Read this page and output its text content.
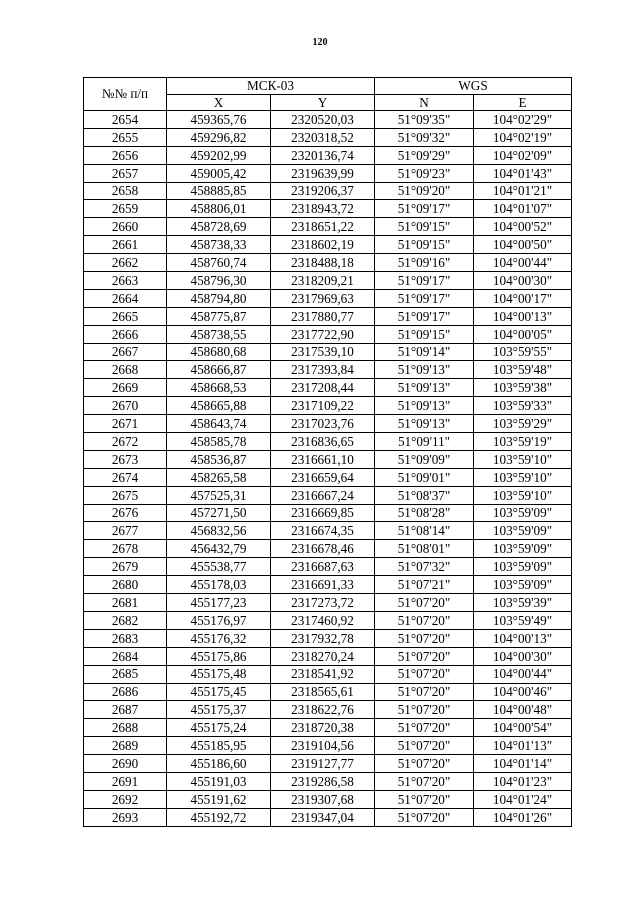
120
№№ п/п	МСК-03		WGS	
	X	Y	N	E
2654	459365,76	2320520,03	51°09'35"	104°02'29"
2655	459296,82	2320318,52	51°09'32"	104°02'19"
2656	459202,99	2320136,74	51°09'29"	104°02'09"
2657	459005,42	2319639,99	51°09'23"	104°01'43"
2658	458885,85	2319206,37	51°09'20"	104°01'21"
2659	458806,01	2318943,72	51°09'17"	104°01'07"
2660	458728,69	2318651,22	51°09'15"	104°00'52"
2661	458738,33	2318602,19	51°09'15"	104°00'50"
2662	458760,74	2318488,18	51°09'16"	104°00'44"
2663	458796,30	2318209,21	51°09'17"	104°00'30"
2664	458794,80	2317969,63	51°09'17"	104°00'17"
2665	458775,87	2317880,77	51°09'17"	104°00'13"
2666	458738,55	2317722,90	51°09'15"	104°00'05"
2667	458680,68	2317539,10	51°09'14"	103°59'55"
2668	458666,87	2317393,84	51°09'13"	103°59'48"
2669	458668,53	2317208,44	51°09'13"	103°59'38"
2670	458665,88	2317109,22	51°09'13"	103°59'33"
2671	458643,74	2317023,76	51°09'13"	103°59'29"
2672	458585,78	2316836,65	51°09'11"	103°59'19"
2673	458536,87	2316661,10	51°09'09"	103°59'10"
2674	458265,58	2316659,64	51°09'01"	103°59'10"
2675	457525,31	2316667,24	51°08'37"	103°59'10"
2676	457271,50	2316669,85	51°08'28"	103°59'09"
2677	456832,56	2316674,35	51°08'14"	103°59'09"
2678	456432,79	2316678,46	51°08'01"	103°59'09"
2679	455538,77	2316687,63	51°07'32"	103°59'09"
2680	455178,03	2316691,33	51°07'21"	103°59'09"
2681	455177,23	2317273,72	51°07'20"	103°59'39"
2682	455176,97	2317460,92	51°07'20"	103°59'49"
2683	455176,32	2317932,78	51°07'20"	104°00'13"
2684	455175,86	2318270,24	51°07'20"	104°00'30"
2685	455175,48	2318541,92	51°07'20"	104°00'44"
2686	455175,45	2318565,61	51°07'20"	104°00'46"
2687	455175,37	2318622,76	51°07'20"	104°00'48"
2688	455175,24	2318720,38	51°07'20"	104°00'54"
2689	455185,95	2319104,56	51°07'20"	104°01'13"
2690	455186,60	2319127,77	51°07'20"	104°01'14"
2691	455191,03	2319286,58	51°07'20"	104°01'23"
2692	455191,62	2319307,68	51°07'20"	104°01'24"
2693	455192,72	2319347,04	51°07'20"	104°01'26"
